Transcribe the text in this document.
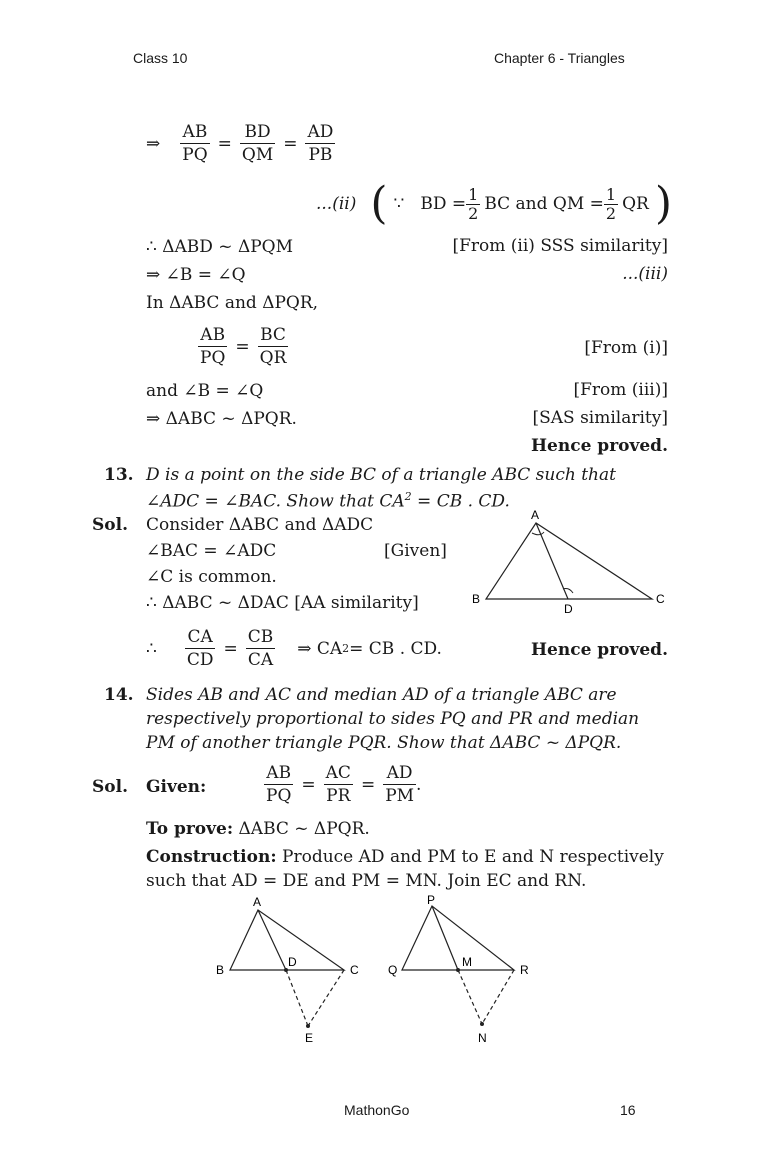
Class 10	Chapter 6 - Triangles
⇒ $\frac{AB}{PQ} = \frac{BD}{QM} = \frac{AD}{PB}$
...(ii) ( ∵ BD = $\frac{1}{2}$ BC and QM = $\frac{1}{2}$ QR )
∴ ΔABD ~ ΔPQM	[From (ii) SSS similarity]
⇒ ∠B = ∠Q	...(iii)
In ΔABC and ΔPQR,
$\frac{AB}{PQ} = \frac{BC}{QR}$	[From (i)]
and ∠B = ∠Q	[From (iii)]
⇒ ΔABC ~ ΔPQR.	[SAS similarity]
Hence proved.
13. D is a point on the side BC of a triangle ABC such that
∠ADC = ∠BAC. Show that $CA^2$ = CB . CD.
Sol. Consider ΔABC and ΔADC
∠BAC = ∠ADC	[Given]
∠C is common.
∴ ΔABC ~ ΔDAC [AA similarity]
A
B	C
D
∴ $\frac{CA}{CD} = \frac{CB}{CA}$ ⇒ CA 2 = CB . CD.	Hence proved.
14. Sides AB and AC and median AD of a triangle ABC are
respectively proportional to sides PQ and PR and median
PM of another triangle PQR. Show that ΔABC ~ ΔPQR.
Sol. Given:	$\frac{AB}{PQ} = \frac{AC}{PR} = \frac{AD}{PM}$ .
To prove: ΔABC ~ ΔPQR.
Construction: Produce AD and PM to E and N respectively
such that AD = DE and PM = MN. Join EC and RN.
A
B	C
D
E
P
Q	R
M
N
MathonGo	16
